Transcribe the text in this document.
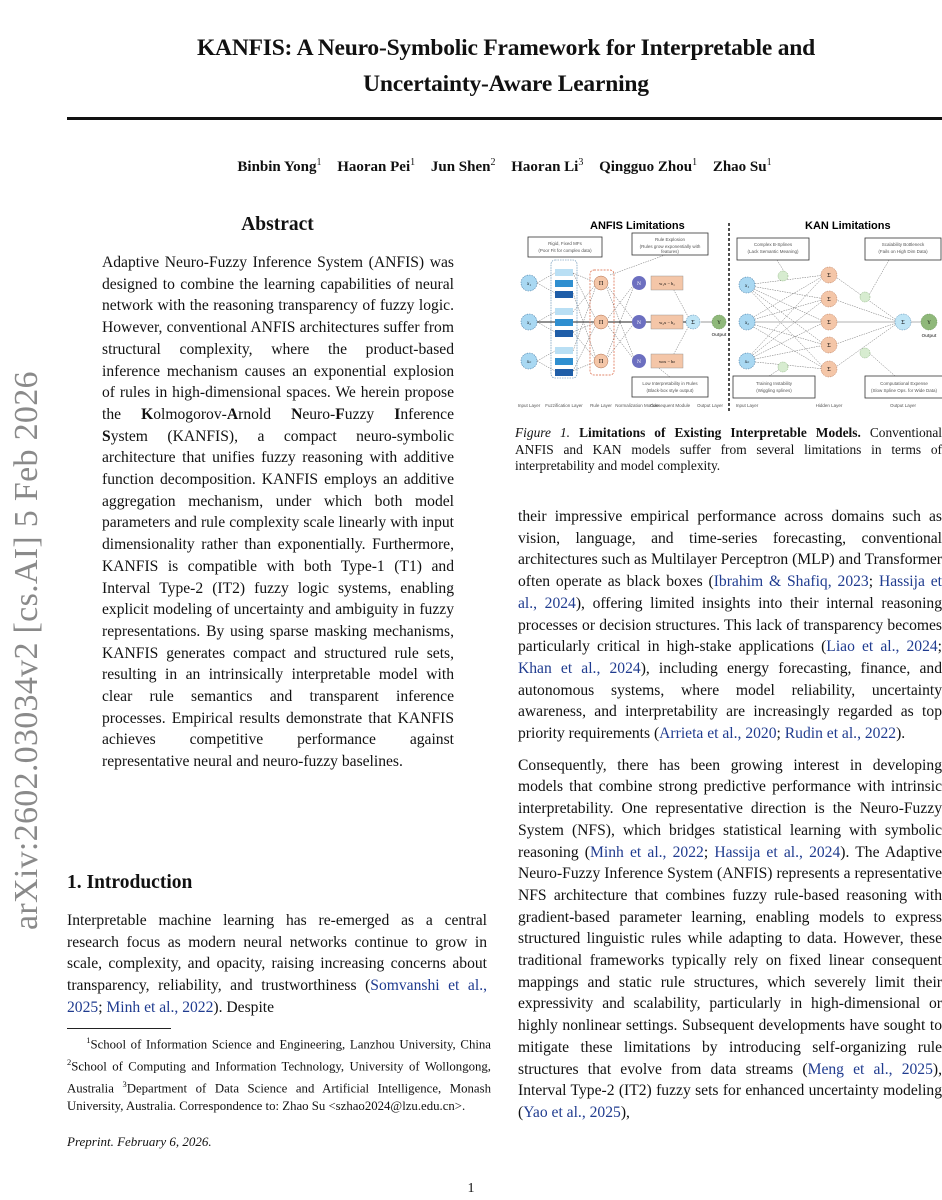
KANFIS: A Neuro-Symbolic Framework for Interpretable and
Uncertainty-Aware Learning
Binbin Yong$^1$ Haoran Pei$^1$ Jun Shen$^2$ Haoran Li$^3$ Qingguo Zhou$^1$ Zhao Su$^1$
arXiv:2602.03034v2 [cs.AI] 5 Feb 2026
Abstract
Adaptive Neuro-Fuzzy Inference System (ANFIS) was designed to combine the learning capabilities of neural network with the reasoning transparency of fuzzy logic. However, conventional ANFIS architectures suffer from structural complexity, where the product-based inference mechanism causes an exponential explosion of rules in high-dimensional spaces. We herein propose the Kolmogorov-Arnold Neuro-Fuzzy Inference System (KANFIS), a compact neuro-symbolic architecture that unifies fuzzy reasoning with additive function decomposition. KANFIS employs an additive aggregation mechanism, under which both model parameters and rule complexity scale linearly with input dimensionality rather than exponentially. Furthermore, KANFIS is compatible with both Type-1 (T1) and Interval Type-2 (IT2) fuzzy logic systems, enabling explicit modeling of uncertainty and ambiguity in fuzzy representations. By using sparse masking mechanisms, KANFIS generates compact and structured rule sets, resulting in an intrinsically interpretable model with clear rule semantics and transparent inference processes. Empirical results demonstrate that KANFIS achieves competitive performance against representative neural and neuro-fuzzy baselines.
1. Introduction
Interpretable machine learning has re-emerged as a central research focus as modern neural networks continue to grow in scale, complexity, and opacity, raising increasing concerns about transparency, reliability, and trustworthiness (Somvanshi et al., 2025; Minh et al., 2022). Despite
  $^1$School of Information Science and Engineering, Lanzhou University, China $^2$School of Computing and Information Technology, University of Wollongong, Australia $^3$Department of Data Science and Artificial Intelligence, Monash University, Australia. Correspondence to: Zhao Su <szhao2024@lzu.edu.cn>.
Preprint. February 6, 2026.
1
ANFIS Limitations	KAN Limitations
Rigid, Fixed MFs
(Poor Fit for complex data)
Rule Explosion
(Rules grow exponentially with
features)
Low Interpretability in Rules
(Black-box style output)
x₁
x₂
xₙ
Π
Π
Π
N
N
N
w₁x − b₁
w₂x − b₂
wₙx − bₙ
Σ	Y
Output
Input Layer Fuzzification Layer Rule Layer Normalization Module
Consequent Module Output Layer
Complex B-Splines
(Lack Semantic Meaning)
Scalability Bottleneck
(Fails on High Dim Data)
Training Instability
(Wiggling splines)
Computational Expense
(Slow Spline Ops. for Wide Data)
x₁
x₂
xₙ
Σ
Σ
Σ
Σ
Σ
Σ	Y
Output
Input Layer	Hidden Layer	Output Layer
Figure 1. Limitations of Existing Interpretable Models. Conventional ANFIS and KAN models suffer from several limitations in terms of interpretability and model complexity.

their impressive empirical performance across domains such as vision, language, and time-series forecasting, conventional architectures such as Multilayer Perceptron (MLP) and Transformer often operate as black boxes (Ibrahim & Shafiq, 2023; Hassija et al., 2024), offering limited insights into their internal reasoning processes or decision structures. This lack of transparency becomes particularly critical in high-stake applications (Liao et al., 2024; Khan et al., 2024), including energy forecasting, finance, and autonomous systems, where model reliability, uncertainty awareness, and interpretability are increasingly regarded as top priority requirements (Arrieta et al., 2020; Rudin et al., 2022).

Consequently, there has been growing interest in developing models that combine strong predictive performance with intrinsic interpretability. One representative direction is the Neuro-Fuzzy System (NFS), which bridges statistical learning with symbolic reasoning (Minh et al., 2022; Hassija et al., 2024). The Adaptive Neuro-Fuzzy Inference System (ANFIS) represents a representative NFS architecture that combines fuzzy rule-based reasoning with gradient-based parameter learning, enabling models to express structured linguistic rules while adapting to data. However, these traditional frameworks typically rely on fixed linear consequent mappings and static rule structures, which severely limit their expressivity and scalability, particularly in high-dimensional or highly nonlinear settings. Subsequent developments have sought to mitigate these limitations by introducing self-organizing rule structures that evolve from data streams (Meng et al., 2025), Interval Type-2 (IT2) fuzzy sets for enhanced uncertainty modeling (Yao et al., 2025),
